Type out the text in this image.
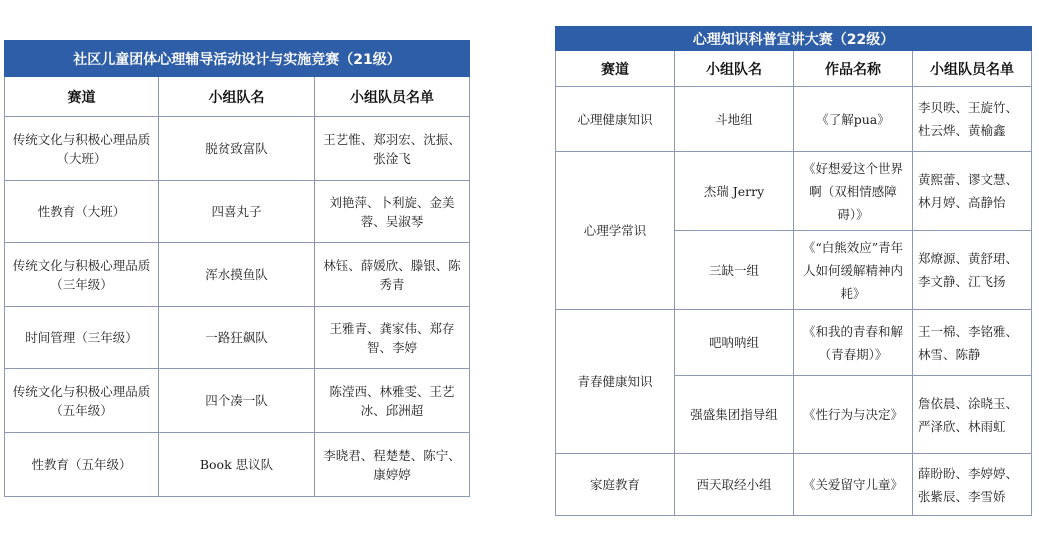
社区儿童团体心理辅导活动设计与实施竞赛（21级）		
赛道	小组队名	小组队员名单
传统文化与积极心理品质（大班）	脱贫致富队	王艺惟、郑羽宏、沈振、张淦飞
性教育（大班）	四喜丸子	刘艳萍、卜利旋、金美蓉、吴淑琴
传统文化与积极心理品质（三年级）	浑水摸鱼队	林钰、薛媛欣、滕银、陈秀青
时间管理（三年级）	一路狂飙队	王雅青、龚家伟、郑存智、李婷
传统文化与积极心理品质（五年级）	四个凑一队	陈滢西、林雅雯、王艺冰、邱洲超
性教育（五年级）	Book 思议队	李晓君、程楚楚、陈宁、康婷婷
心理知识科普宣讲大赛（22级）			
赛道	小组队名	作品名称	小组队员名单
心理健康知识	斗地组	《了解pua》	李贝昳、王旋竹、杜云烨、黄榆鑫
心理学常识	杰瑞 Jerry	《好想爱这个世界啊（双相情感障碍）》	黄熙蕾、谬文慧、林月婷、高静怡
	三缺一组	《“白熊效应”青年人如何缓解精神内耗》	郑燎源、黄舒珺、李文静、江飞扬
青春健康知识	吧呐呐组	《和我的青春和解（青春期）》	王一棉、李铭雅、林雪、陈静
	强盛集团指导组	《性行为与决定》	詹依晨、涂晓玉、严泽欣、林雨虹
家庭教育	西天取经小组	《关爱留守儿童》	薛盼盼、李婷婷、张紫辰、李雪娇
